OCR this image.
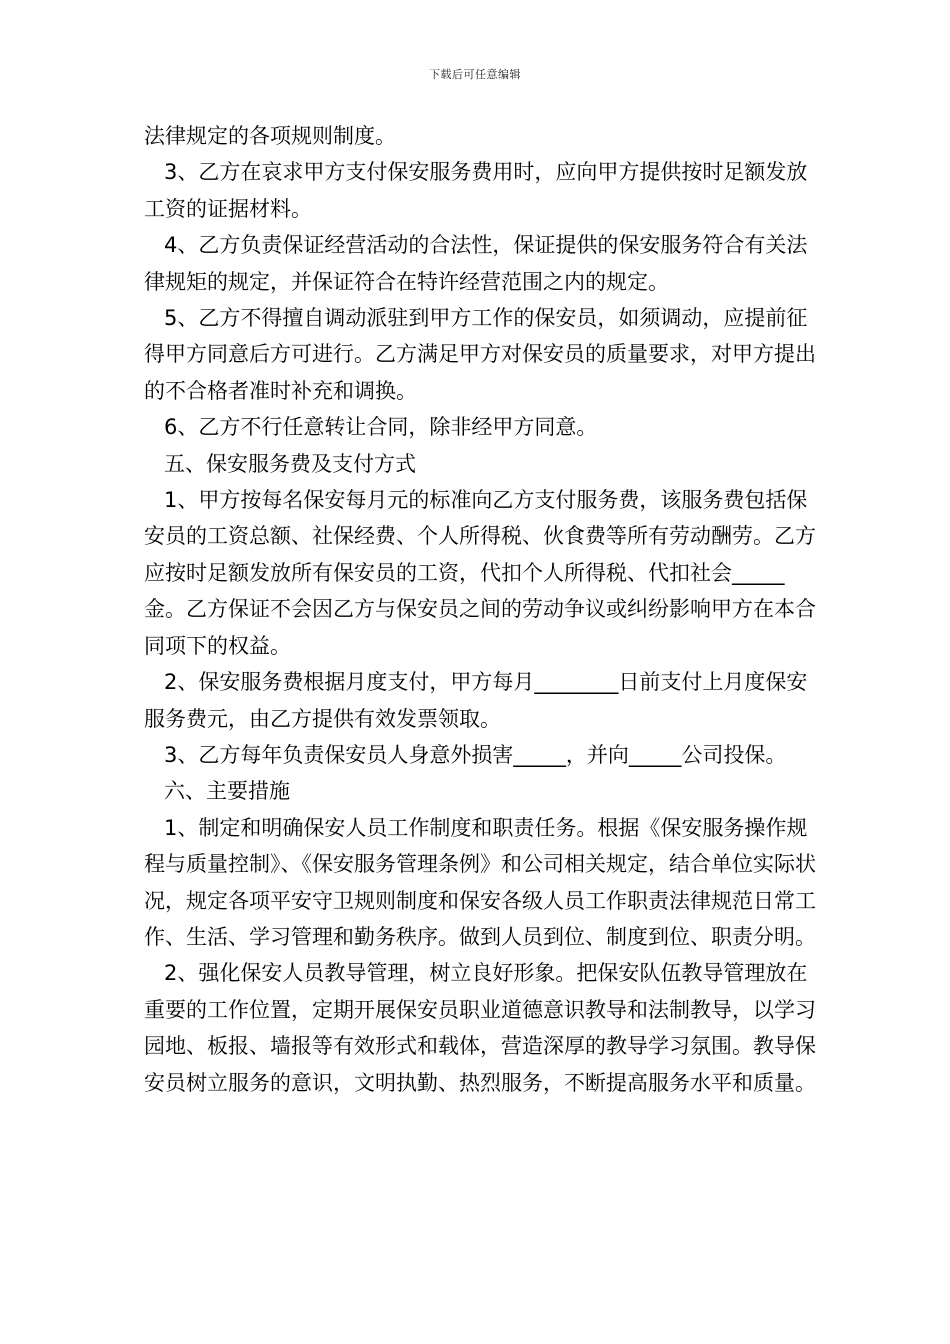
下载后可任意编辑

法律规定的各项规则制度。

3、乙方在哀求甲方支付保安服务费用时，应向甲方提供按时足额发放工资的证据材料。

4、乙方负责保证经营活动的合法性，保证提供的保安服务符合有关法律规矩的规定，并保证符合在特许经营范围之内的规定。

5、乙方不得擅自调动派驻到甲方工作的保安员，如须调动，应提前征得甲方同意后方可进行。乙方满足甲方对保安员的质量要求，对甲方提出的不合格者准时补充和调换。

6、乙方不行任意转让合同，除非经甲方同意。

五、保安服务费及支付方式

1、甲方按每名保安每月元的标准向乙方支付服务费，该服务费包括保安员的工资总额、社保经费、个人所得税、伙食费等所有劳动酬劳。乙方应按时足额发放所有保安员的工资，代扣个人所得税、代扣社会_____金。乙方保证不会因乙方与保安员之间的劳动争议或纠纷影响甲方在本合同项下的权益。

2、保安服务费根据月度支付，甲方每月________日前支付上月度保安服务费元，由乙方提供有效发票领取。

3、乙方每年负责保安员人身意外损害_____，并向_____公司投保。

六、主要措施

1、制定和明确保安人员工作制度和职责任务。根据《保安服务操作规程与质量控制》、《保安服务管理条例》和公司相关规定，结合单位实际状况，规定各项平安守卫规则制度和保安各级人员工作职责法律规范日常工作、生活、学习管理和勤务秩序。做到人员到位、制度到位、职责分明。

2、强化保安人员教导管理，树立良好形象。把保安队伍教导管理放在重要的工作位置，定期开展保安员职业道德意识教导和法制教导，以学习园地、板报、墙报等有效形式和载体，营造深厚的教导学习氛围。教导保安员树立服务的意识，文明执勤、热烈服务，不断提高服务水平和质量。
